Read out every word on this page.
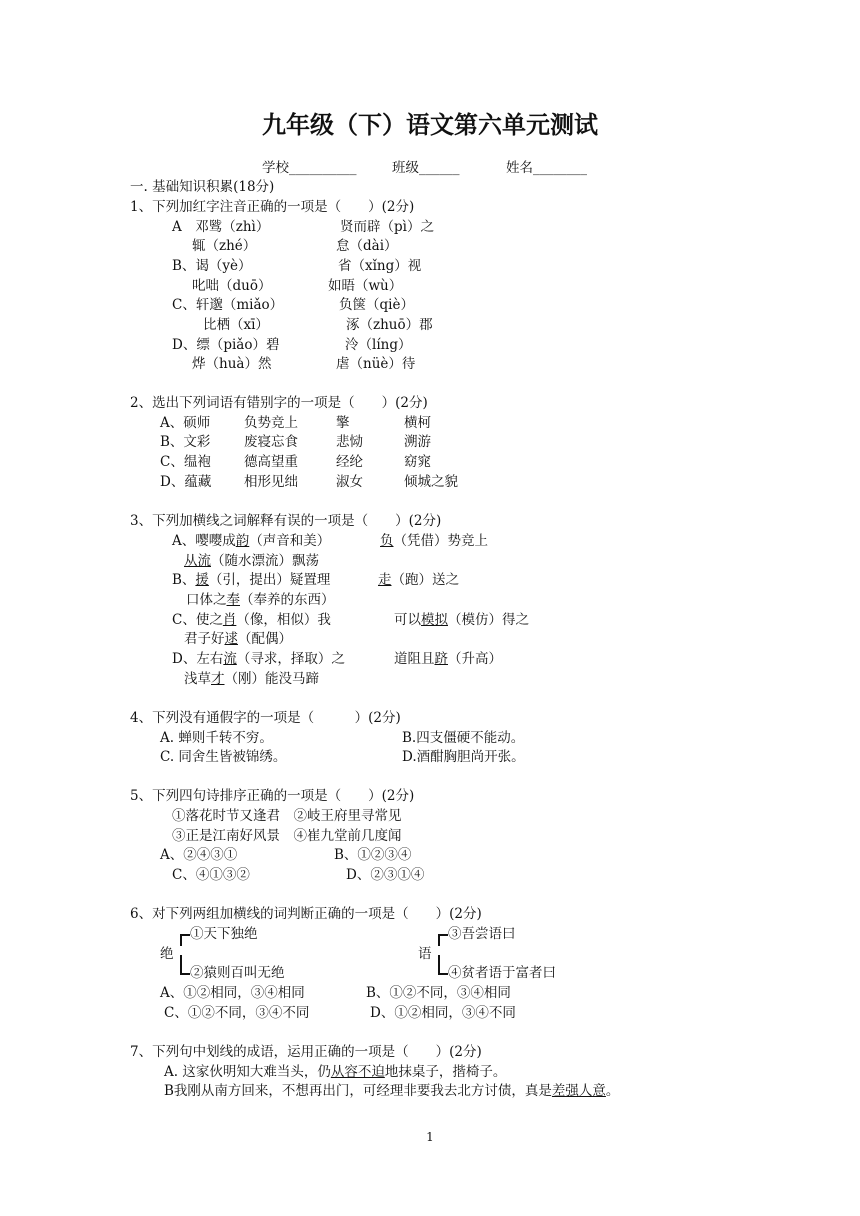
九年级（下）语文第六单元测试
学校__________	班级______	姓名________
一. 基础知识积累(18分)
1、下列加红字注音正确的一项是（　　）(2分)
A　邓骘（zhì）	贤而辟（pì）之
辄（zhé）	怠（dài）
B、谒（yè）	省（xǐng）视
叱咄（duō）	如晤（wù）
C、轩邈（miǎo）	负箧（qiè）
比栖（xī）	涿（zhuō）郡
D、缥（piǎo）碧	泠（líng）
烨（huà）然	虐（nüè）待
2、选出下列词语有错别字的一项是（　　）(2分)
A、硕师	负势竞上	擎	横柯
B、文彩 废寝忘食	悲恸	溯游
C、缊袍 德高望重	经纶	窈窕
D、蕴藏 相形见绌	淑女	倾城之貌
3、下列加横线之词解释有误的一项是（　　）(2分)
A、嘤嘤成韵（声音和美）	负（凭借）势竞上
从流（随水漂流）飘荡
B、援（引，提出）疑置理	走（跑）送之
口体之奉（奉养的东西）
C、使之肖（像，相似）我	可以模拟（模仿）得之
君子好逑（配偶）
D、左右流（寻求，择取）之	道阻且跻（升高）
浅草才（刚）能没马蹄
4、下列没有通假字的一项是（　　　）(2分)
A. 蝉则千转不穷。	B.四支僵硬不能动。
C. 同舍生皆被锦绣。	D.酒酣胸胆尚开张。
5、下列四句诗排序正确的一项是（　　）(2分)
①落花时节又逢君　②岐王府里寻常见
③正是江南好风景　④崔九堂前几度闻
A、②④③①	B、①②③④
C、④①③②	D、②③①④
6、对下列两组加横线的词判断正确的一项是（　　）(2分)
①天下独绝
绝
②猿则百叫无绝
③吾尝语曰
语
④贫者语于富者曰
A、①②相同，③④相同	B、①②不同，③④相同
C、①②不同，③④不同	D、①②相同，③④不同
7、下列句中划线的成语，运用正确的一项是（　　）(2分)
A. 这家伙明知大难当头，仍从容不迫地抹桌子，揩椅子。
B我刚从南方回来，不想再出门，可经理非要我去北方讨债，真是差强人意。
1
